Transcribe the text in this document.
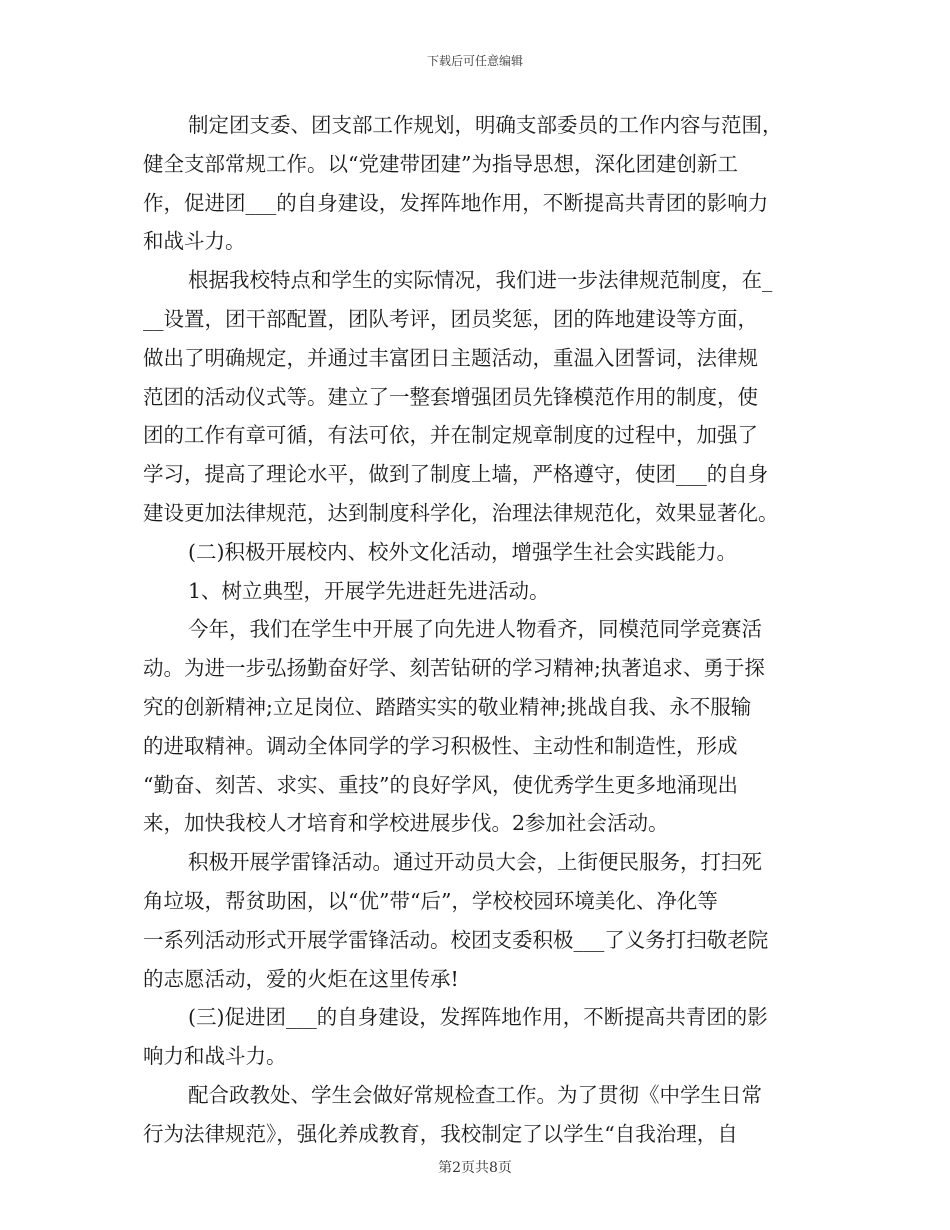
下载后可任意编辑
制定团支委、团支部工作规划，明确支部委员的工作内容与范围，
健全支部常规工作。以“党建带团建”为指导思想，深化团建创新工
作，促进团___的自身建设，发挥阵地作用，不断提高共青团的影响力
和战斗力。
根据我校特点和学生的实际情况，我们进一步法律规范制度，在_
__设置，团干部配置，团队考评，团员奖惩，团的阵地建设等方面，
做出了明确规定，并通过丰富团日主题活动，重温入团誓词，法律规
范团的活动仪式等。建立了一整套增强团员先锋模范作用的制度，使
团的工作有章可循，有法可依，并在制定规章制度的过程中，加强了
学习，提高了理论水平，做到了制度上墙，严格遵守，使团___的自身
建设更加法律规范，达到制度科学化，治理法律规范化，效果显著化。
(二)积极开展校内、校外文化活动，增强学生社会实践能力。
1、树立典型，开展学先进赶先进活动。
今年，我们在学生中开展了向先进人物看齐，同模范同学竞赛活
动。为进一步弘扬勤奋好学、刻苦钻研的学习精神;执著追求、勇于探
究的创新精神;立足岗位、踏踏实实的敬业精神;挑战自我、永不服输
的进取精神。调动全体同学的学习积极性、主动性和制造性，形成
“勤奋、刻苦、求实、重技”的良好学风，使优秀学生更多地涌现出
来，加快我校人才培育和学校进展步伐。2参加社会活动。
积极开展学雷锋活动。通过开动员大会，上街便民服务，打扫死
角垃圾，帮贫助困，以“优”带“后”，学校校园环境美化、净化等
一系列活动形式开展学雷锋活动。校团支委积极___了义务打扫敬老院
的志愿活动，爱的火炬在这里传承!
(三)促进团___的自身建设，发挥阵地作用，不断提高共青团的影
响力和战斗力。
配合政教处、学生会做好常规检查工作。为了贯彻《中学生日常
行为法律规范》，强化养成教育，我校制定了以学生“自我治理，自
第2页共8页
